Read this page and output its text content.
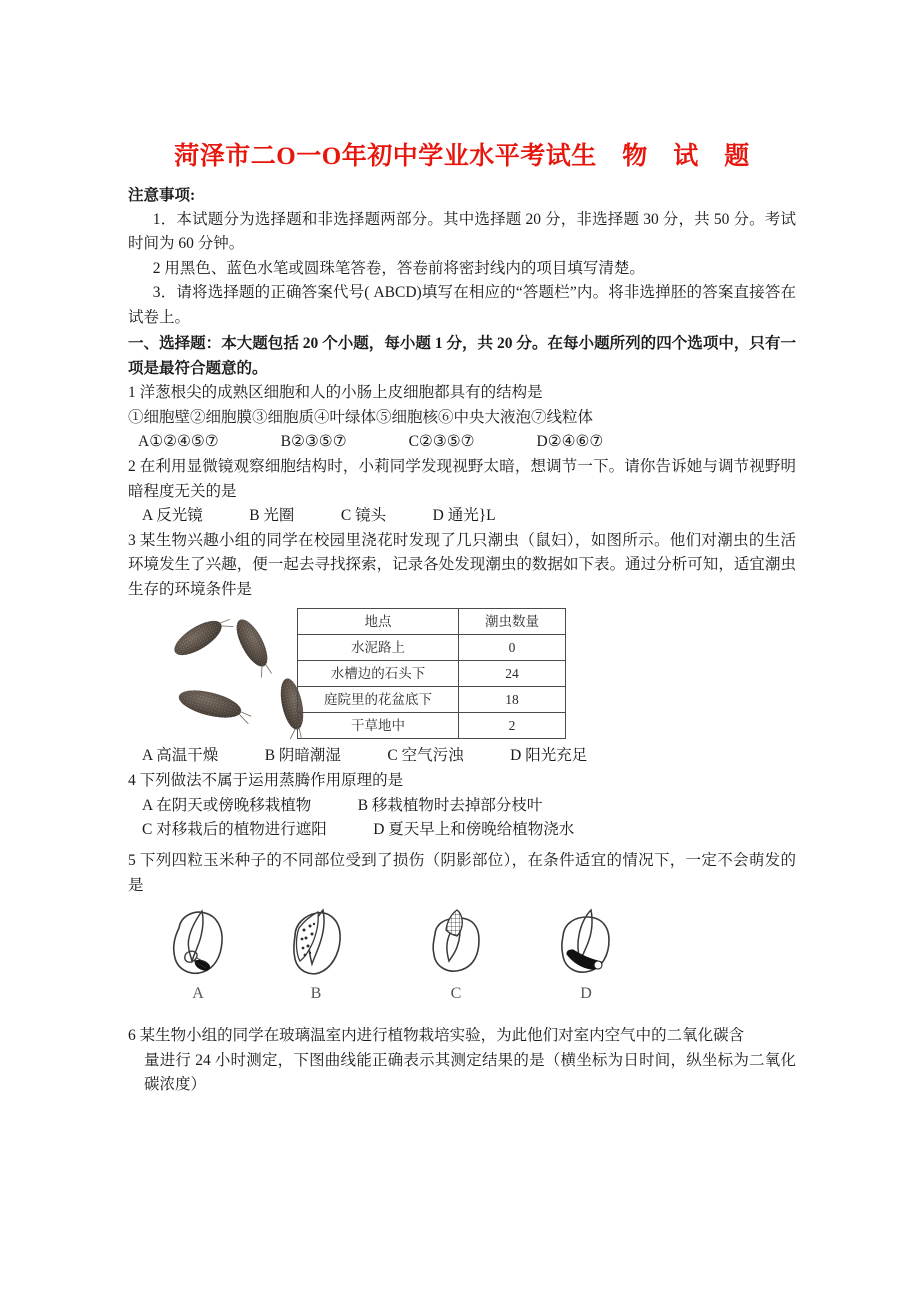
菏泽市二O一O年初中学业水平考试生　物　试　题
注意事项:

1．本试题分为选择题和非选择题两部分。其中选择题 20 分，非选择题 30 分，共 50 分。考试时间为 60 分钟。

2 用黑色、蓝色水笔或圆珠笔答卷，答卷前将密封线内的项目填写清楚。

3．请将选择题的正确答案代号( ABCD)填写在相应的“答题栏”内。将非选掸胚的答案直接答在试卷上。

一、选择题：本大题包括 20 个小题，每小题 1 分，共 20 分。在每小题所列的四个选项中，只有一项是最符合题意的。

1 洋葱根尖的成熟区细胞和人的小肠上皮细胞都具有的结构是

①细胞壁②细胞膜③细胞质④叶绿体⑤细胞核⑥中央大液泡⑦线粒体

A①②④⑤⑦　　　　B②③⑤⑦　　　　C②③⑤⑦　　　　D②④⑥⑦

2 在利用显微镜观察细胞结构时，小莉同学发现视野太暗，想调节一下。请你告诉她与调节视野明暗程度无关的是

A 反光镜　　　B 光圈　　　C 镜头　　　D 通光}L

3 某生物兴趣小组的同学在校园里浇花时发现了几只潮虫（鼠妇），如图所示。他们对潮虫的生活环境发生了兴趣，便一起去寻找探索，记录各处发现潮虫的数据如下表。通过分析可知，适宜潮虫生存的环境条件是

地点	潮虫数量
水泥路上	0
水槽边的石头下	24
庭院里的花盆底下	18
干草地中	2

A 高温干燥　　　B 阴暗潮湿　　　C 空气污浊　　　D 阳光充足

4 下列做法不属于运用蒸腾作用原理的是

A 在阴天或傍晚移栽植物　　　B 移栽植物时去掉部分枝叶

C 对移栽后的植物进行遮阳　　　D 夏天早上和傍晚给植物浇水

5 下列四粒玉米种子的不同部位受到了损伤（阴影部位），在条件适宜的情况下，一定不会萌发的是

A	B	C	D

6 某生物小组的同学在玻璃温室内进行植物栽培实验，为此他们对室内空气中的二氧化碳含

量进行 24 小时测定，下图曲线能正确表示其测定结果的是（横坐标为日时间，纵坐标为二氧化碳浓度）
